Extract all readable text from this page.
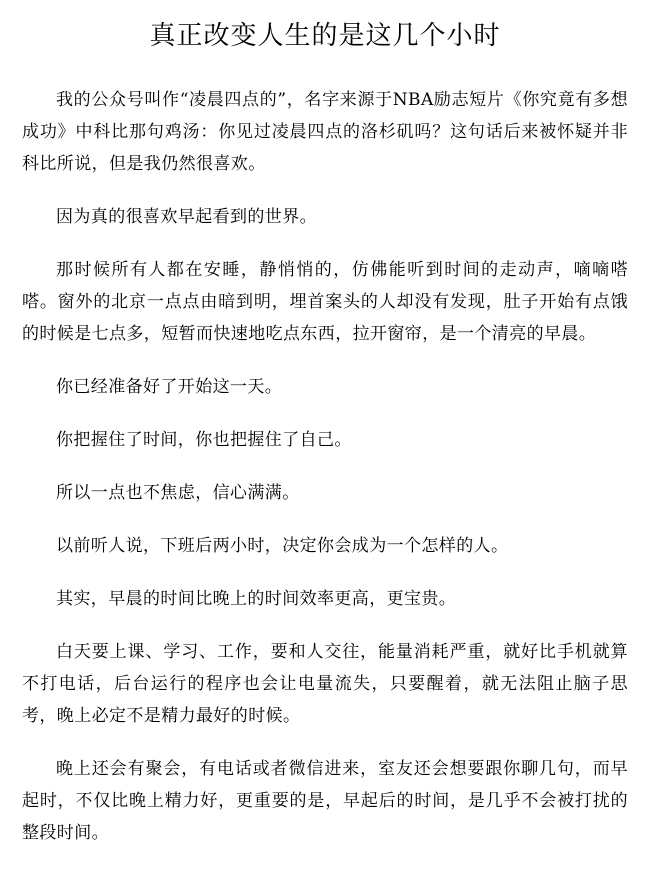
真正改变人生的是这几个小时

我的公众号叫作“凌晨四点的”，名字来源于NBA励志短片《你究竟有多想成功》中科比那句鸡汤：你见过凌晨四点的洛杉矶吗？这句话后来被怀疑并非科比所说，但是我仍然很喜欢。

因为真的很喜欢早起看到的世界。

那时候所有人都在安睡，静悄悄的，仿佛能听到时间的走动声，嘀嘀嗒嗒。窗外的北京一点点由暗到明，埋首案头的人却没有发现，肚子开始有点饿的时候是七点多，短暂而快速地吃点东西，拉开窗帘，是一个清亮的早晨。

你已经准备好了开始这一天。

你把握住了时间，你也把握住了自己。

所以一点也不焦虑，信心满满。

以前听人说，下班后两小时，决定你会成为一个怎样的人。

其实，早晨的时间比晚上的时间效率更高，更宝贵。

白天要上课、学习、工作，要和人交往，能量消耗严重，就好比手机就算不打电话，后台运行的程序也会让电量流失，只要醒着，就无法阻止脑子思考，晚上必定不是精力最好的时候。

晚上还会有聚会，有电话或者微信进来，室友还会想要跟你聊几句，而早起时，不仅比晚上精力好，更重要的是，早起后的时间，是几乎不会被打扰的整段时间。
